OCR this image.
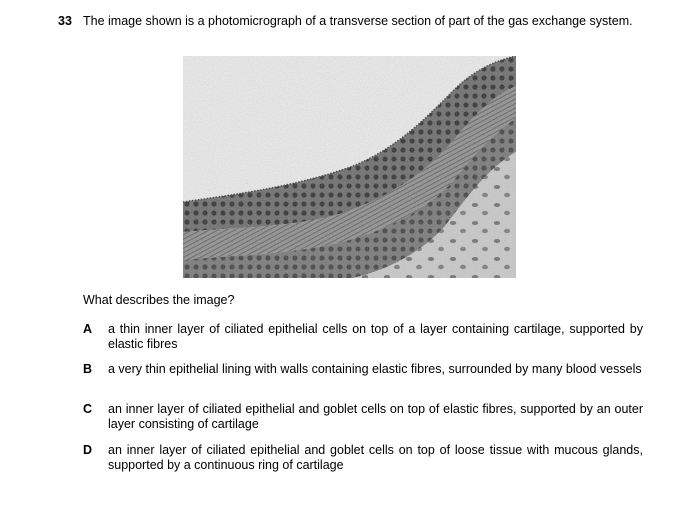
33 The image shown is a photomicrograph of a transverse section of part of the gas exchange system.
What describes the image?
A a thin inner layer of ciliated epithelial cells on top of a layer containing cartilage, supported by elastic fibres
B a very thin epithelial lining with walls containing elastic fibres, surrounded by many blood vessels
C an inner layer of ciliated epithelial and goblet cells on top of elastic fibres, supported by an outer layer consisting of cartilage
D an inner layer of ciliated epithelial and goblet cells on top of loose tissue with mucous glands, supported by a continuous ring of cartilage
